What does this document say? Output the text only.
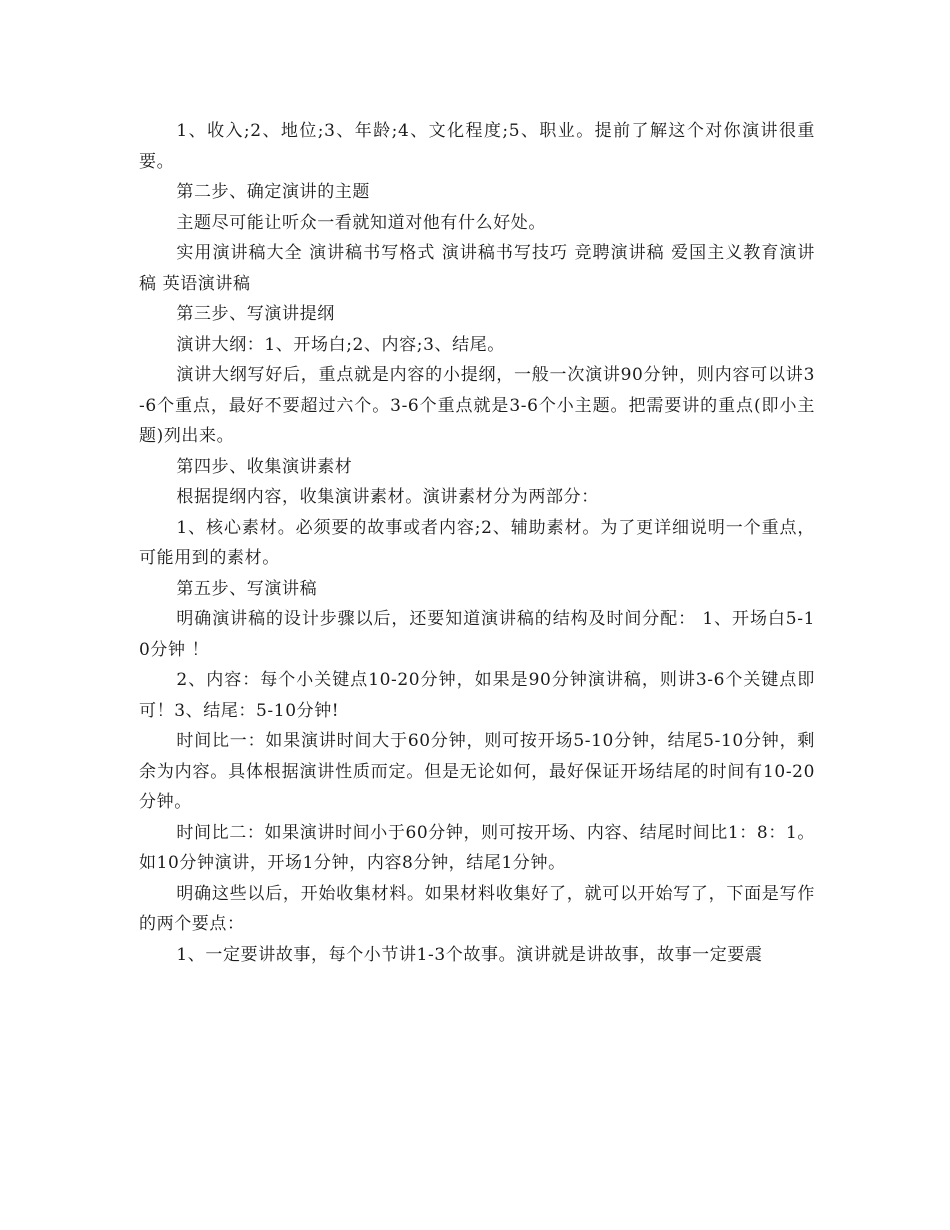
1、收入;2、地位;3、年龄;4、文化程度;5、职业。提前了解这个对你演讲很重要。

第二步、确定演讲的主题

主题尽可能让听众一看就知道对他有什么好处。

实用演讲稿大全 演讲稿书写格式 演讲稿书写技巧 竞聘演讲稿 爱国主义教育演讲稿 英语演讲稿

第三步、写演讲提纲

演讲大纲：1、开场白;2、内容;3、结尾。

演讲大纲写好后，重点就是内容的小提纲，一般一次演讲90分钟，则内容可以讲3-6个重点，最好不要超过六个。3-6个重点就是3-6个小主题。把需要讲的重点(即小主题)列出来。

第四步、收集演讲素材

根据提纲内容，收集演讲素材。演讲素材分为两部分：

1、核心素材。必须要的故事或者内容;2、辅助素材。为了更详细说明一个重点，可能用到的素材。

第五步、写演讲稿

明确演讲稿的设计步骤以后，还要知道演讲稿的结构及时间分配： 1、开场白5-10分钟 ！

2、内容：每个小关键点10-20分钟，如果是90分钟演讲稿，则讲3-6个关键点即可！3、结尾：5-10分钟!

时间比一：如果演讲时间大于60分钟，则可按开场5-10分钟，结尾5-10分钟，剩余为内容。具体根据演讲性质而定。但是无论如何，最好保证开场结尾的时间有10-20分钟。

时间比二：如果演讲时间小于60分钟，则可按开场、内容、结尾时间比1：8：1。如10分钟演讲，开场1分钟，内容8分钟，结尾1分钟。

明确这些以后，开始收集材料。如果材料收集好了，就可以开始写了，下面是写作的两个要点：

1、一定要讲故事，每个小节讲1-3个故事。演讲就是讲故事，故事一定要震
